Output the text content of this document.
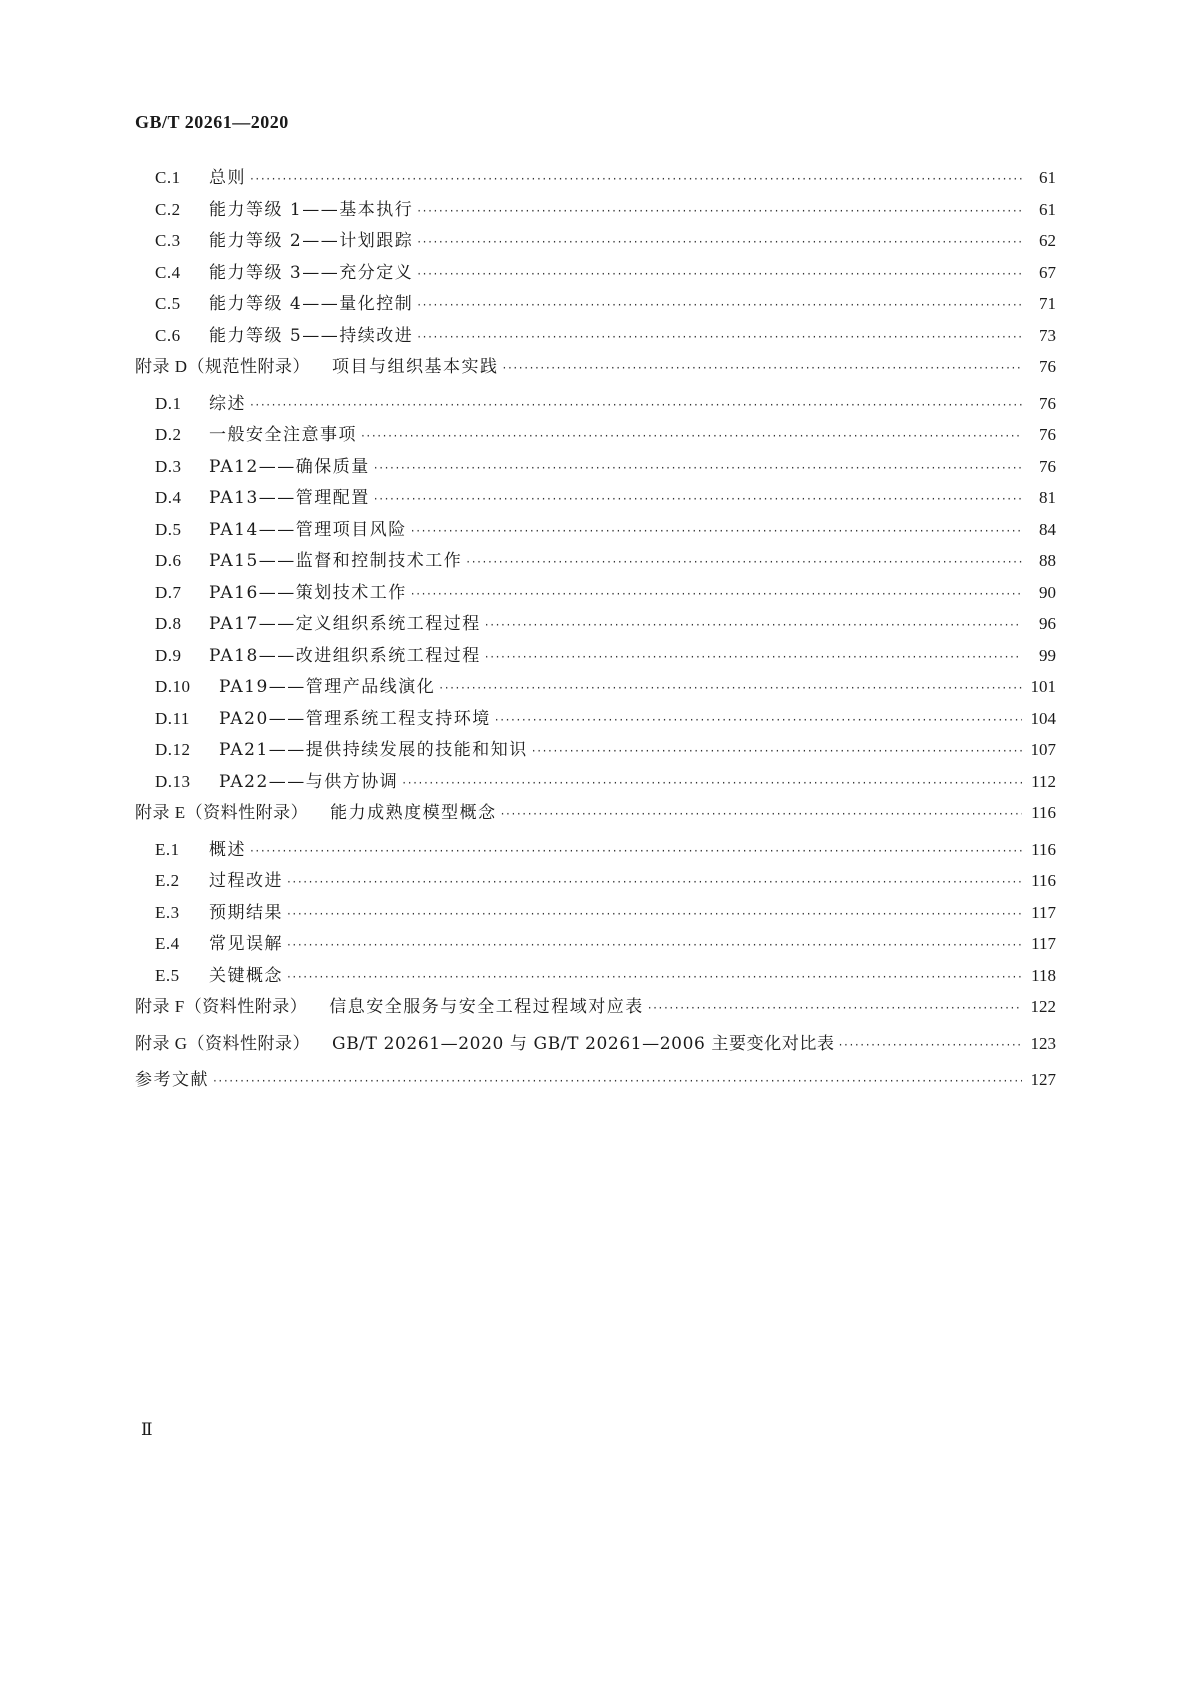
GB/T 20261—2020
C.1	总则 ·····	61
C.2	能力等级 1——基本执行 ·····	61
C.3	能力等级 2——计划跟踪 ·····	62
C.4	能力等级 3——充分定义 ·····	67
C.5	能力等级 4——量化控制 ·····	71
C.6	能力等级 5——持续改进 ·····	73
附录 D（规范性附录） 项目与组织基本实践 ·····	76
D.1	综述 ·····	76
D.2	一般安全注意事项 ·····	76
D.3	PA12——确保质量 ·····	76
D.4	PA13——管理配置 ·····	81
D.5	PA14——管理项目风险 ·····	84
D.6	PA15——监督和控制技术工作 ·····	88
D.7	PA16——策划技术工作 ·····	90
D.8	PA17——定义组织系统工程过程 ·····	96
D.9	PA18——改进组织系统工程过程 ·····	99
D.10	PA19——管理产品线演化 ·····	101
D.11	PA20——管理系统工程支持环境 ·····	104
D.12	PA21——提供持续发展的技能和知识 ·····	107
D.13	PA22——与供方协调 ·····	112
附录 E（资料性附录） 能力成熟度模型概念 ·····	116
E.1	概述 ·····	116
E.2	过程改进 ·····	116
E.3	预期结果 ·····	117
E.4	常见误解 ·····	117
E.5	关键概念 ·····	118
附录 F（资料性附录） 信息安全服务与安全工程过程域对应表 ·····	122
附录 G（资料性附录） GB/T 20261—2020 与 GB/T 20261—2006 主要变化对比表 ·····	123
参考文献 ·····	127
Ⅱ
